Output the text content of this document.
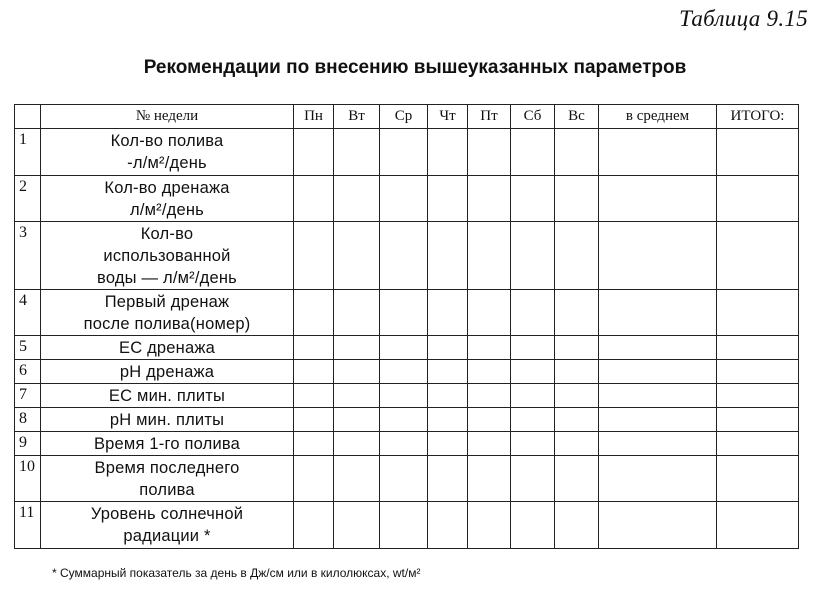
Таблица 9.15
Рекомендации по внесению вышеуказанных параметров
	№ недели	Пн	Вт	Ср	Чт	Пт	Сб	Вс	в среднем	ИТОГО:
1	Кол-во полива
-л/м²/день									

2	Кол-во дренажа
л/м²/день									

3	Кол-во
использованной
воды — л/м²/день									

4	Первый дренаж
после полива(номер)									

5	ЕС дренажа									

6	pH дренажа									

7	ЕС мин. плиты									

8	pH мин. плиты									

9	Время 1-го полива									

10	Время последнего
полива									

11	Уровень солнечной
радиации *									

* Суммарный показатель за день в Дж/см или в килолюксах, wt/м²
